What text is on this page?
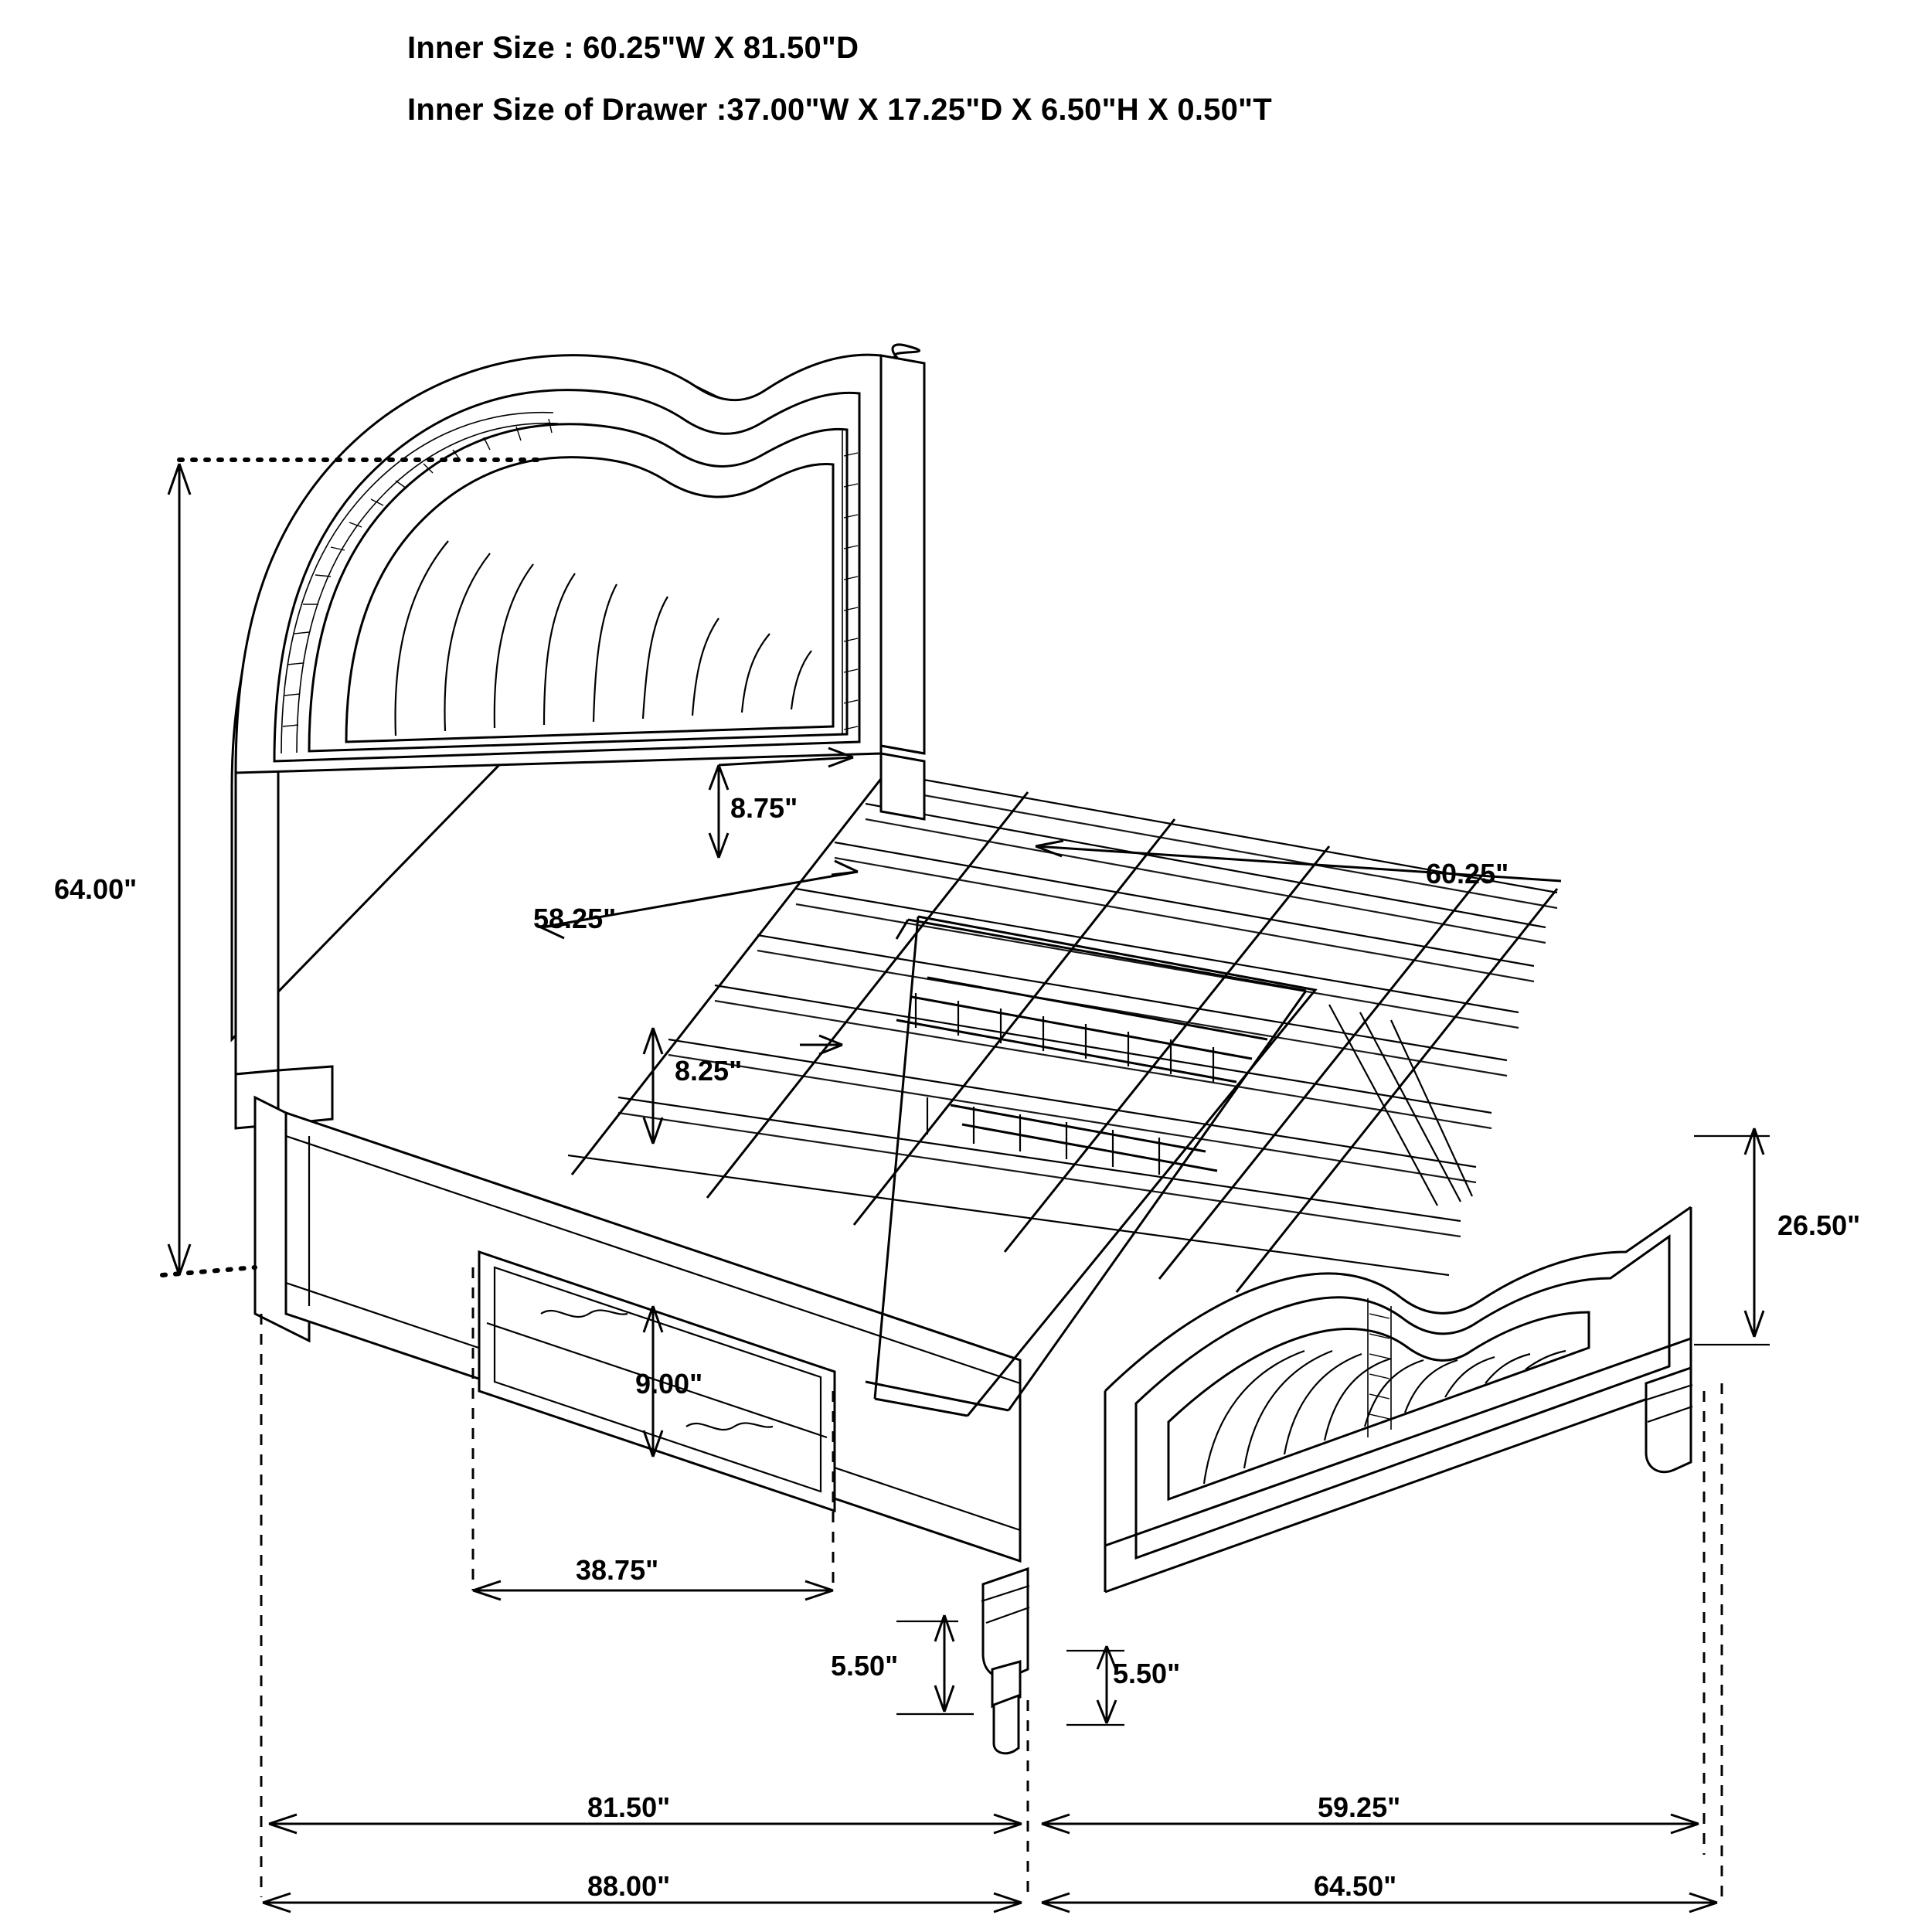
Inner Size : 60.25"W X 81.50"D
Inner Size of Drawer :37.00"W X 17.25"D X 6.50"H X 0.50"T
64.00"
8.75"
58.25"
60.25"
8.25"
26.50"
9.00"
38.75"
5.50"	5.50"
81.50"	59.25"
88.00"	64.50"
